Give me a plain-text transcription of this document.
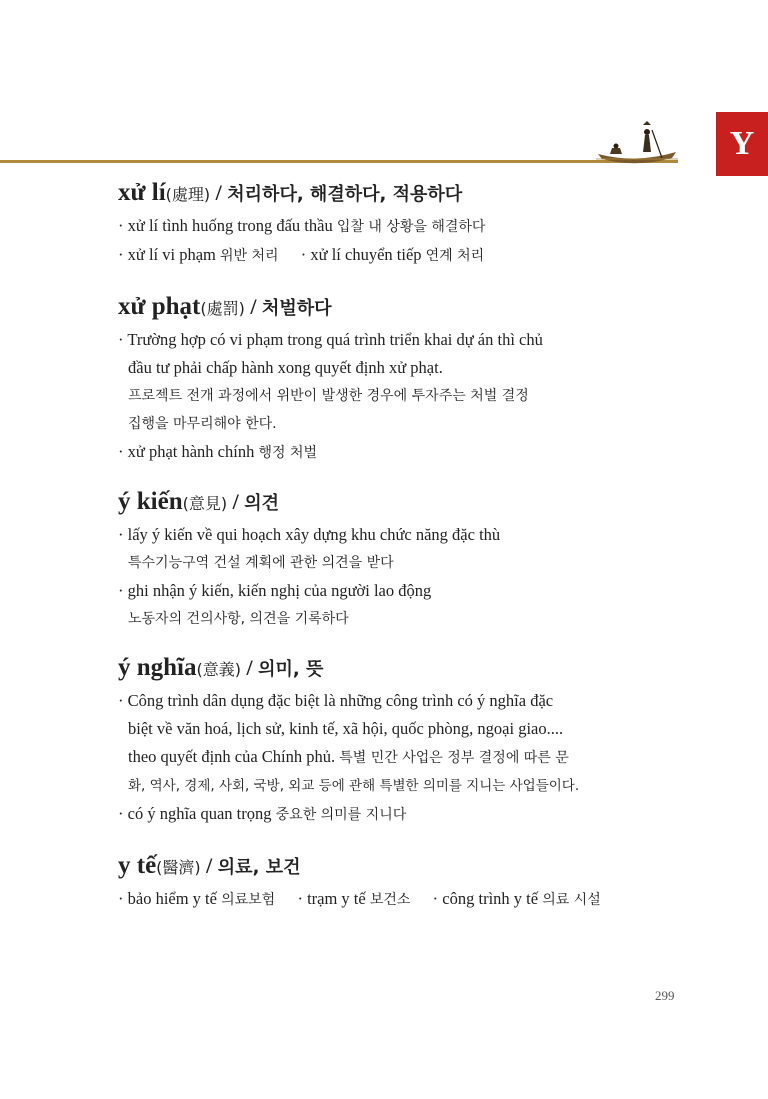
Y
xử lí(處理) / 처리하다, 해결하다, 적용하다

· xử lí tình huống trong đấu thầu 입찰 내 상황을 해결하다

· xử lí vi phạm 위반 처리 · xử lí chuyển tiếp 연계 처리

xử phạt(處罰) / 처벌하다

· Trường hợp có vi phạm trong quá trình triển khai dự án thì chủ

đầu tư phải chấp hành xong quyết định xử phạt.

프로젝트 전개 과정에서 위반이 발생한 경우에 투자주는 처벌 결정
집행을 마무리해야 한다.

· xử phạt hành chính 행정 처벌

ý kiến(意見) / 의견

· lấy ý kiến về qui hoạch xây dựng khu chức năng đặc thù

특수기능구역 건설 계획에 관한 의견을 받다

· ghi nhận ý kiến, kiến nghị của người lao động

노동자의 건의사항, 의견을 기록하다
ý nghĩa(意義) / 의미, 뜻

· Công trình dân dụng đặc biệt là những công trình có ý nghĩa đặc

biệt về văn hoá, lịch sử, kinh tế, xã hội, quốc phòng, ngoại giao....

theo quyết định của Chính phủ. 특별 민간 사업은 정부 결정에 따른 문

화, 역사, 경제, 사회, 국방, 외교 등에 관해 특별한 의미를 지니는 사업들이다.

· có ý nghĩa quan trọng 중요한 의미를 지니다

y tế(醫濟) / 의료, 보건

· bảo hiểm y tế 의료보험 · trạm y tế 보건소 · công trình y tế 의료 시설

299
